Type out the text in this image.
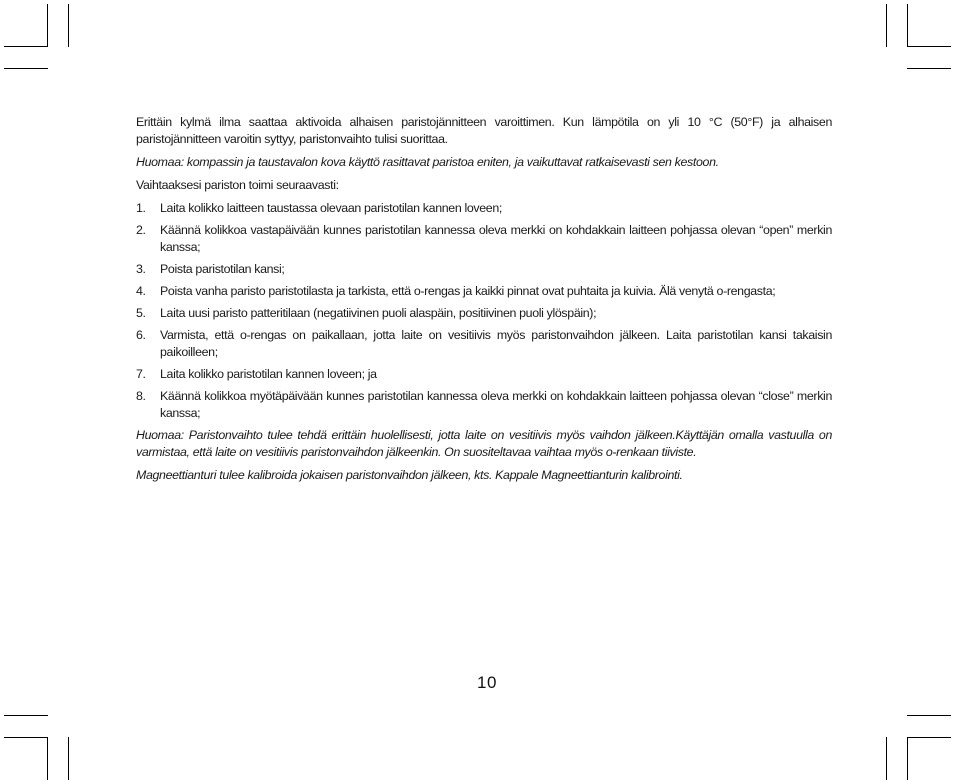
Erittäin kylmä ilma saattaa aktivoida alhaisen paristojännitteen varoittimen. Kun lämpötila on yli 10 °C (50°F) ja alhaisen paristojännitteen varoitin syttyy, paristonvaihto tulisi suorittaa.

Huomaa: kompassin ja taustavalon kova käyttö rasittavat paristoa eniten, ja vaikuttavat ratkaisevasti sen kestoon.

Vaihtaaksesi pariston toimi seuraavasti:

1.	Laita kolikko laitteen taustassa olevaan paristotilan kannen loveen;
2.	Käännä kolikkoa vastapäivään kunnes paristotilan kannessa oleva merkki on kohdakkain laitteen pohjassa olevan “open” merkin kanssa;
3.	Poista paristotilan kansi;
4.	Poista vanha paristo paristotilasta ja tarkista, että o-rengas ja kaikki pinnat ovat puhtaita ja kuivia. Älä venytä o-rengasta;
5.	Laita uusi paristo patteritilaan (negatiivinen puoli alaspäin, positiivinen puoli ylöspäin);
6.	Varmista, että o-rengas on paikallaan, jotta laite on vesitiivis myös paristonvaihdon jälkeen. Laita paristotilan kansi takaisin paikoilleen;
7.	Laita kolikko paristotilan kannen loveen; ja
8.	Käännä kolikkoa myötäpäivään kunnes paristotilan kannessa oleva merkki on kohdakkain laitteen pohjassa olevan “close” merkin kanssa;

Huomaa: Paristonvaihto tulee tehdä erittäin huolellisesti, jotta laite on vesitiivis myös vaihdon jälkeen.Käyttäjän omalla vastuulla on varmistaa, että laite on vesitiivis paristonvaihdon jälkeenkin. On suositeltavaa vaihtaa myös o-renkaan tiiviste.

Magneettianturi tulee kalibroida jokaisen paristonvaihdon jälkeen, kts. Kappale Magneettianturin kalibrointi.

10
